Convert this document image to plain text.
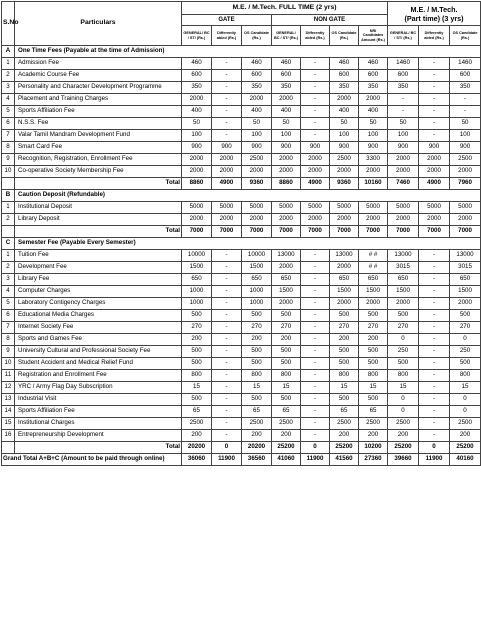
S.No	Particulars	M.E. / M.Tech. FULL TIME (2 yrs)							M.E. / M.Tech.
(Part time) (3 yrs)		
		GATE			NON GATE						
		GENERAL/ BC / ST/ (Rs.)	Differently abled (Rs.)	OS Candidate (Rs.)	GENERAL/ BC / ST/ (Rs.)	Differently abled (Rs.)	OS Candidate (Rs.)	NRI Candidates Amount (Rs.)	GENERAL/ BC / ST/ (Rs.)	Differently abled (Rs.)	OS Candidate (Rs.)
A	One Time Fees (Payable at the time of Admission)										
1	Admission Fee	460	-	460	460	-	460	460	1460	-	1460
2	Academic Course Fee	600	-	600	600	-	600	600	600	-	600
3	Personality and Character Development Programme	350	-	350	350	-	350	350	350	-	350
4	Placement and Training Charges	2000	-	2000	2000	-	2000	2000	-	-	-
5	Sports Affiliation Fee	400	-	400	400	-	400	400	-	-	-
6	N.S.S. Fee	50	-	50	50	-	50	50	50	-	50
7	Valar Tamil Mandram Development Fund	100	-	100	100	-	100	100	100	-	100
8	Smart Card Fee	900	900	900	900	900	900	900	900	900	900
9	Recognition, Registration, Enrollment Fee	2000	2000	2500	2000	2000	2500	3300	2000	2000	2500
10	Co-operative Society Membership Fee	2000	2000	2000	2000	2000	2000	2000	2000	2000	2000
	Total	8860	4900	9360	8860	4900	9360	10160	7460	4900	7960
B	Caution Deposit (Refundable)										
1	Institutional Deposit	5000	5000	5000	5000	5000	5000	5000	5000	5000	5000
2	Library Deposit	2000	2000	2000	2000	2000	2000	2000	2000	2000	2000
	Total	7000	7000	7000	7000	7000	7000	7000	7000	7000	7000
C	Semester Fee (Payable Every Semester)										
1	Tuition Fee	10000	-	10000	13000	-	13000	# #	13000	-	13000
2	Development Fee	1500	-	1500	2000	-	2000	# #	3015	-	3015
3	Library Fee	650	-	650	650	-	650	650	650	-	650
4	Computer Charges	1000	-	1000	1500	-	1500	1500	1500	-	1500
5	Laboratory Contigency Charges	1000	-	1000	2000	-	2000	2000	2000	-	2000
6	Educational Media Charges	500	-	500	500	-	500	500	500	-	500
7	Internet Society Fee	270	-	270	270	-	270	270	270	-	270
8	Sports and Games Fee	200	-	200	200	-	200	200	0	-	0
9	University Cultural and Professional Society Fee	500	-	500	500	-	500	500	250	-	250
10	Student Accident and Medical Relief Fund	500	-	500	500	-	500	500	500	-	500
11	Registration and Enrollment Fee	800	-	800	800	-	800	800	800	-	800
12	YRC / Army Flag Day Subscription	15	-	15	15	-	15	15	15	-	15
13	Industrial Visit	500	-	500	500	-	500	500	0	-	0
14	Sports Affiliation Fee	65	-	65	65	-	65	65	0	-	0
15	Institutional Charges	2500	-	2500	2500	-	2500	2500	2500	-	2500
16	Entrepreneurship Development	200	-	200	200	-	200	200	200	-	200
	Total	20200	0	20200	25200	0	25200	10200	25200	0	25200
Grand Total A+B+C (Amount to be paid through online)		36060	11900	36560	41060	11900	41560	27360	39660	11900	40160
